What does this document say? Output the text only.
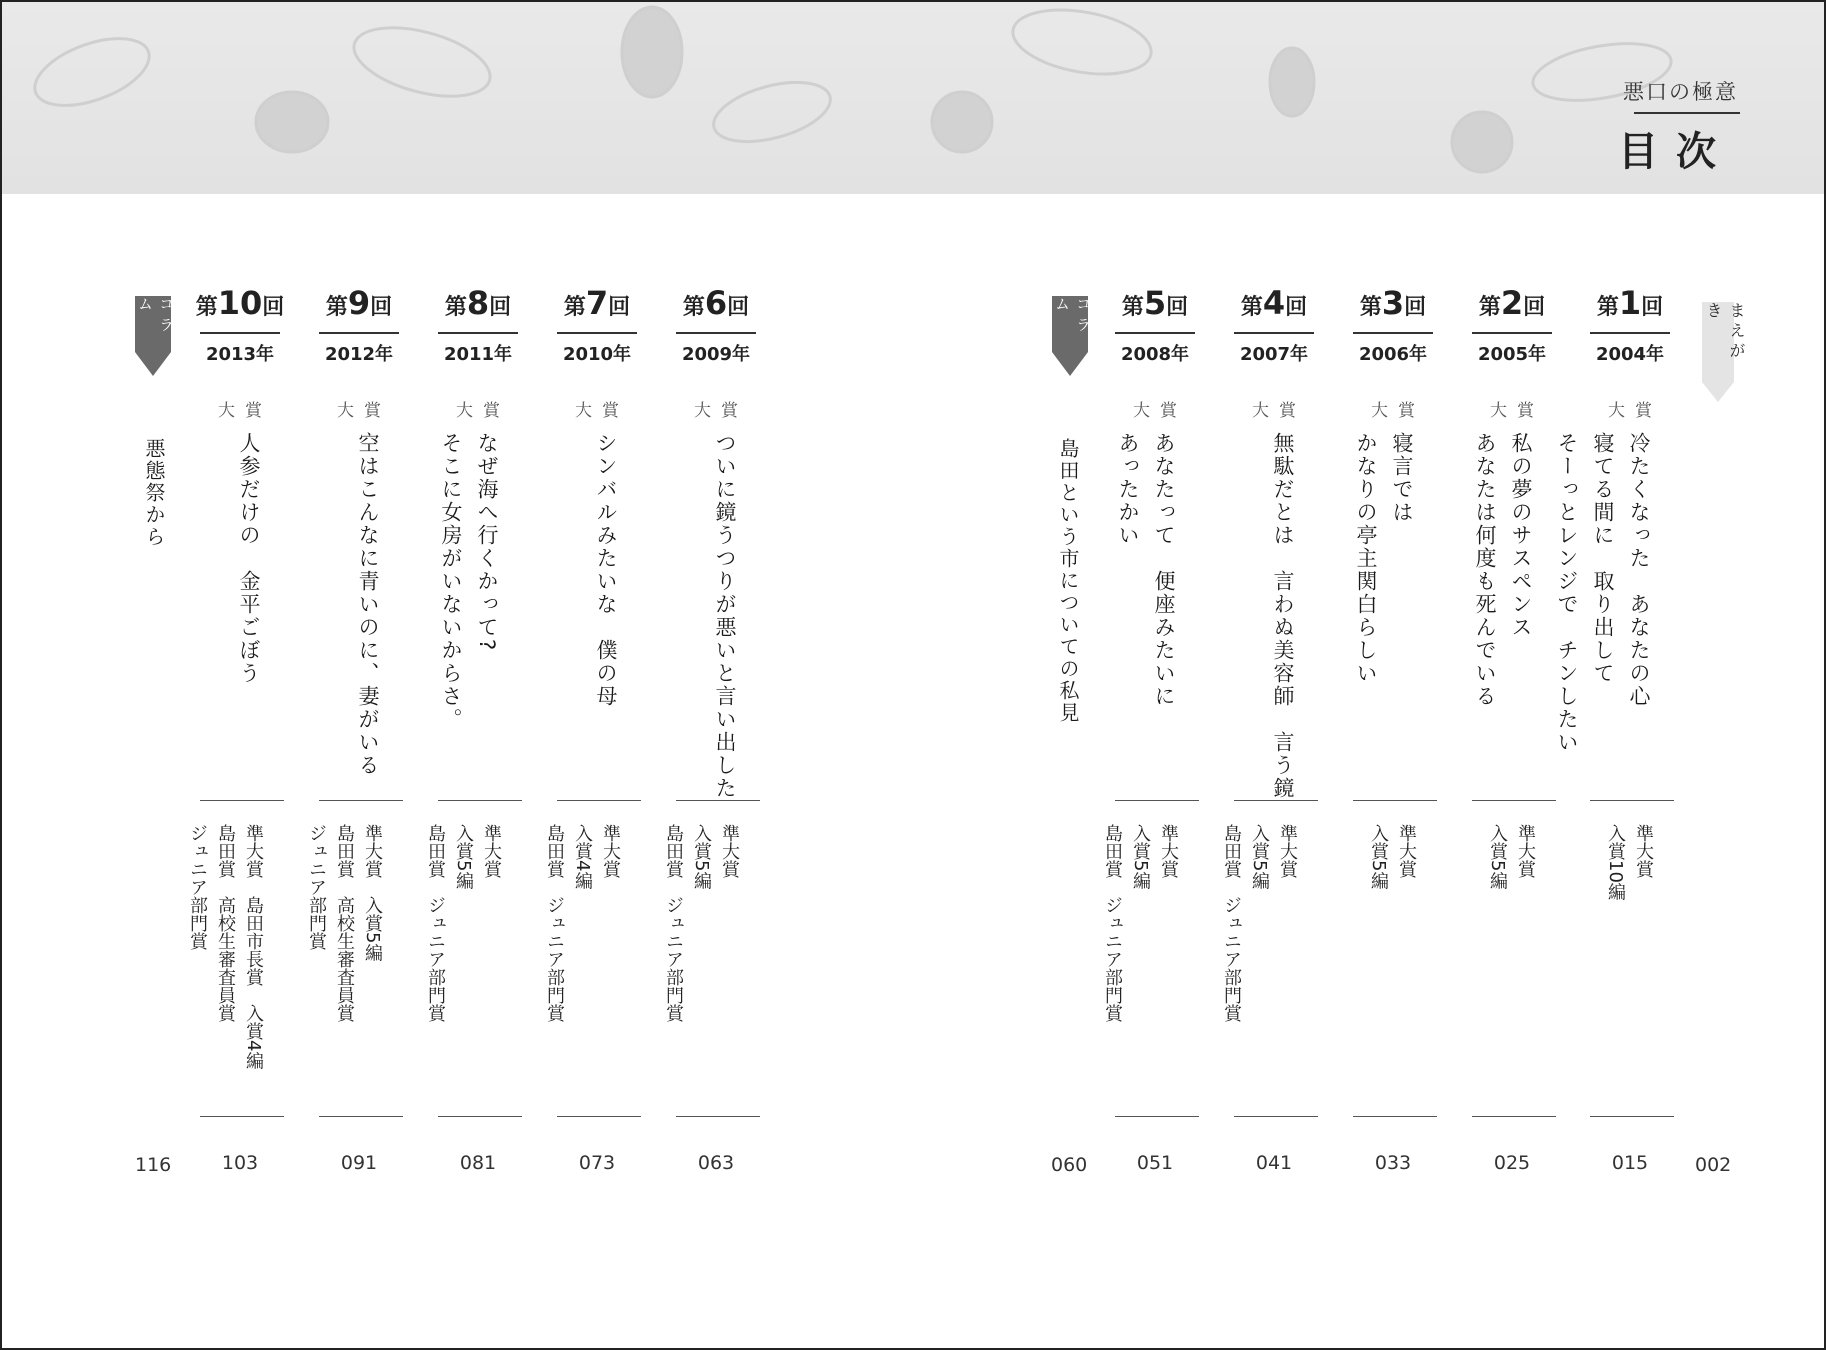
悪口の極意
目次
まえがき
002
コラム
島田という市についての私見
060
コラム
悪態祭から
116
第1回
2004年
大賞
冷たくなった　あなたの心
寝てる間に　取り出して
そーっとレンジで　チンしたい
準大賞
入賞10編
015
第2回
2005年
大賞
私の夢のサスペンス
あなたは何度も死んでいる
準大賞
入賞5編
025
第3回
2006年
大賞
寝言では
かなりの亭主関白らしい
準大賞
入賞5編
033
第4回
2007年
大賞
無駄だとは　言わぬ美容師　言う鏡
準大賞
入賞5編
島田賞　ジュニア部門賞
041
第5回
2008年
大賞
あなたって　便座みたいに
あったかい
準大賞
入賞5編
島田賞　ジュニア部門賞
051
第6回
2009年
大賞
ついに鏡うつりが悪いと言い出した
準大賞
入賞5編
島田賞　ジュニア部門賞
063
第7回
2010年
大賞
シンバルみたいな　僕の母
準大賞
入賞4編
島田賞　ジュニア部門賞
073
第8回
2011年
大賞
なぜ海へ行くかって?
そこに女房がいないからさ。
準大賞
入賞5編
島田賞　ジュニア部門賞
081
第9回
2012年
大賞
空はこんなに青いのに、妻がいる
準大賞　入賞5編
島田賞　高校生審査員賞
ジュニア部門賞
091
第10回
2013年
大賞
人参だけの　金平ごぼう
準大賞　島田市長賞　入賞4編
島田賞　高校生審査員賞
ジュニア部門賞
103
